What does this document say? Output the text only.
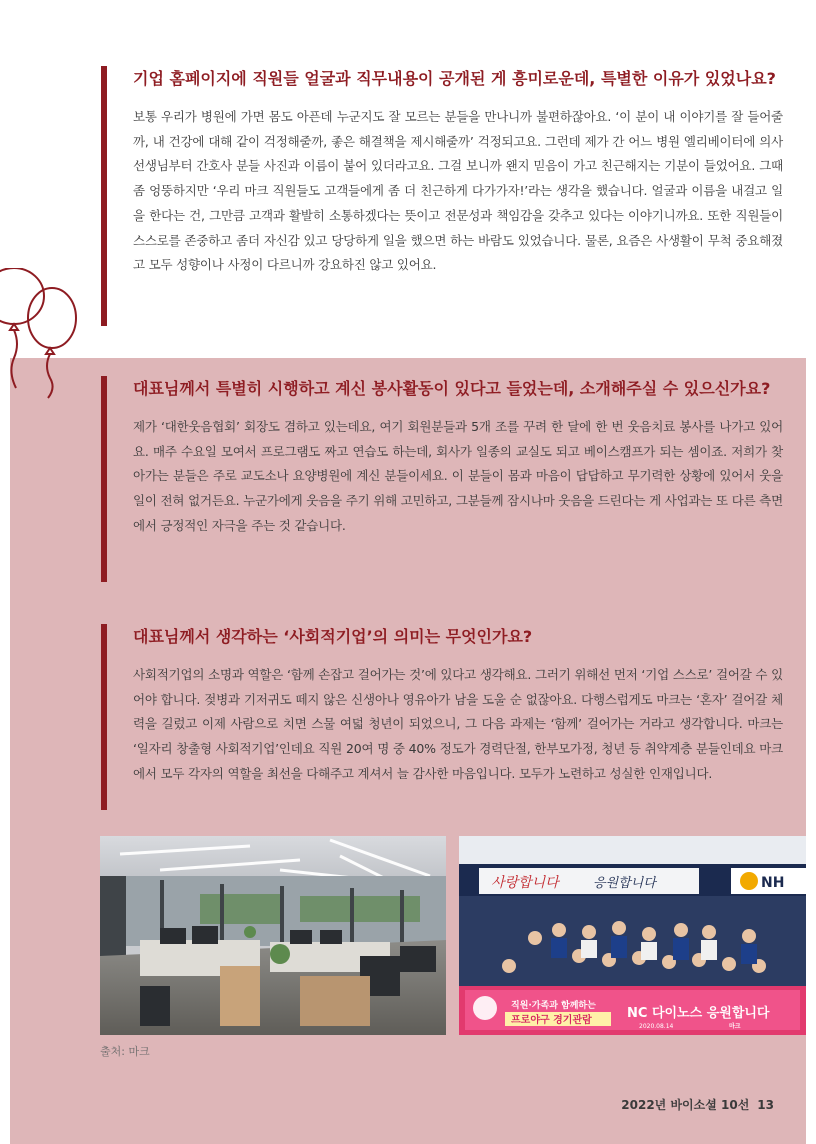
기업 홈페이지에 직원들 얼굴과 직무내용이 공개된 게 흥미로운데, 특별한 이유가 있었나요?

보통 우리가 병원에 가면 몸도 아픈데 누군지도 잘 모르는 분들을 만나니까 불편하잖아요. ‘이 분이 내 이야기를 잘 들어줄까, 내 건강에 대해 같이 걱정해줄까, 좋은 해결책을 제시해줄까’ 걱정되고요. 그런데 제가 간 어느 병원 엘리베이터에 의사선생님부터 간호사 분들 사진과 이름이 붙어 있더라고요. 그걸 보니까 왠지 믿음이 가고 친근해지는 기분이 들었어요. 그때 좀 엉뚱하지만 ‘우리 마크 직원들도 고객들에게 좀 더 친근하게 다가가자!’라는 생각을 했습니다. 얼굴과 이름을 내걸고 일을 한다는 건, 그만큼 고객과 활발히 소통하겠다는 뜻이고 전문성과 책임감을 갖추고 있다는 이야기니까요. 또한 직원들이 스스로를 존중하고 좀더 자신감 있고 당당하게 일을 했으면 하는 바람도 있었습니다. 물론, 요즘은 사생활이 무척 중요해졌고 모두 성향이나 사정이 다르니까 강요하진 않고 있어요.

대표님께서 특별히 시행하고 계신 봉사활동이 있다고 들었는데, 소개해주실 수 있으신가요?

제가 ‘대한웃음협회’ 회장도 겸하고 있는데요, 여기 회원분들과 5개 조를 꾸려 한 달에 한 번 웃음치료 봉사를 나가고 있어요. 매주 수요일 모여서 프로그램도 짜고 연습도 하는데, 회사가 일종의 교실도 되고 베이스캠프가 되는 셈이죠. 저희가 찾아가는 분들은 주로 교도소나 요양병원에 계신 분들이세요. 이 분들이 몸과 마음이 답답하고 무기력한 상황에 있어서 웃을 일이 전혀 없거든요. 누군가에게 웃음을 주기 위해 고민하고, 그분들께 잠시나마 웃음을 드린다는 게 사업과는 또 다른 측면에서 긍정적인 자극을 주는 것 같습니다.

대표님께서 생각하는 ‘사회적기업’의 의미는 무엇인가요?

사회적기업의 소명과 역할은 ‘함께 손잡고 걸어가는 것’에 있다고 생각해요. 그러기 위해선 먼저 ‘기업 스스로’ 걸어갈 수 있어야 합니다. 젖병과 기저귀도 떼지 않은 신생아나 영유아가 남을 도울 순 없잖아요. 다행스럽게도 마크는 ‘혼자’ 걸어갈 체력을 길렀고 이제 사람으로 치면 스물 여덟 청년이 되었으니, 그 다음 과제는 ‘함께’ 걸어가는 거라고 생각합니다. 마크는 ‘일자리 창출형 사회적기업’인데요 직원 20여 명 중 40% 정도가 경력단절, 한부모가정, 청년 등 취약계층 분들인데요 마크에서 모두 각자의 역할을 최선을 다해주고 계셔서 늘 감사한 마음입니다. 모두가 노련하고 성실한 인재입니다.

사랑합니다	응원합니다	NH
직원·가족과 함께하는
프로야구 경기관람	NC 다이노스 응원합니다
2020.08.14	마크
출처: 마크
2022년 바이소셜 10선 13
